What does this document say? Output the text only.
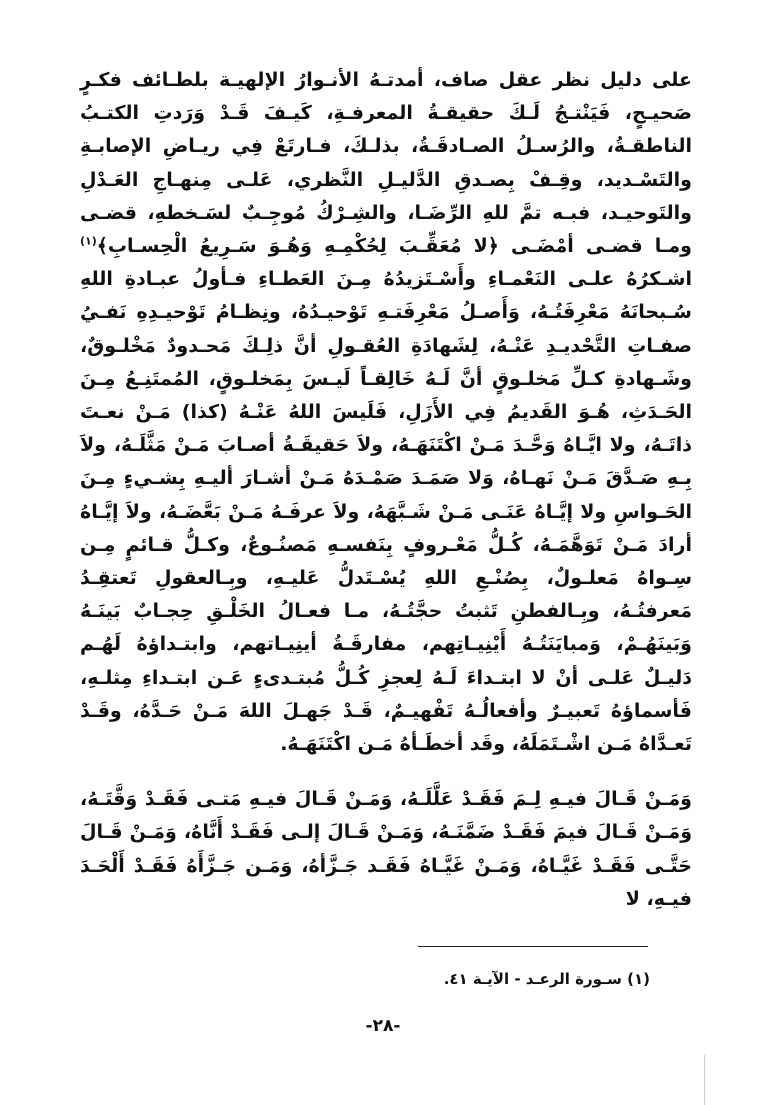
على دليل نظر عقل صاف، أمدتـهُ الأنـوارُ الإلهيـة بلطـائف فكـرٍ صَحيـحٍ، فَيَنْتـجُ لَـكَ حقيقـةُ المعرفـةِ، كَيـفَ قَـدْ وَرَدتِ الكتـبُ الناطقـةُ، والرُسـلُ الصـادقَـةُ، بذلـكَ، فـارتَعْ فِي ريـاضِ الإصابـةِ والتَسْـديد، وقِـفْ بِصـدقِ الدَّليـلِ النَّظري، عَلـى مِنهـاجِ العَـدْلِ والتَوحيـد، فبـه تمَّ للهِ الرِّضَـا، والشِـرْكُ مُوجِـبٌ لسَـخطهِ، قضـى ومـا قضـى أمْضَـى ﴿لا مُعَقِّـبَ لِحُكْمِـهِ وَهُـوَ سَـرِيعُ الْحِسـابِ﴾$^{(١)}$ اشـكرُهُ علـى النَعْمـاءِ وأَسْـتَزيدُهُ مِـنَ العَطـاءِ فـأولُ عبـادةِ اللهِ سُـبحانَهُ مَعْرِفَتُـهُ، وَأَصـلُ مَعْرِفَتـهِ تَوْحيـدُهُ، ونِظـامُ تَوْحيـدِهِ نَفـيُ صفـاتِ التَّحْديـدِ عَنْـهُ، لِشَهادَةِ العُقـولِ أنَّ ذلِـكَ مَحـدودٌ مَخْلـوقٌ، وشَـهادةِ كـلِّ مَخلـوقٍ أنَّ لَـهُ خَالِقـاً لَيـسَ بِمَخلـوقٍ، المُمتَنِـعُ مِـنَ الحَـدَثِ، هُـوَ القَديمُ فِي الأَزَلِ، فَلَيسَ اللهُ عَنْـهُ (كذا) مَـنْ نعـتَ ذاتَـهُ، ولا ايَّـاهُ وَحَّـدَ مَـنْ اكْتَنَهَـهُ، ولاَ حَقيقَـةُ أصـابَ مَـنْ مَثَّلَـهُ، ولاَ بِـهِ صَـدَّقَ مَـنْ نَهـاهُ، وَلا صَمَـدَ صَمْـدَهُ مَـنْ أشـارَ أليـهِ بِشـيءٍ مِـنَ الحَـواسِ ولا إيَّـاهُ عَنَـى مَـنْ شَـبَّهَهُ، ولاَ عرفَـهُ مَـنْ بَعَّضَـهُ، ولاَ إيَّـاهُ أرادَ مَـنْ تَوَهَّمَـهُ، كُـلُّ مَعْـروفٍ بِنَفسـهِ مَصنُـوعٌ، وكـلُّ قـائمٍ مِـن سِـواهُ مَعلـولٌ، بِصُنْـعِ اللهِ يُسْـتَدلُّ عَليـهِ، وبِـالعقولِ تَعتقِـدُ مَعرفتُـهُ، وبِـالفطنِ تَثبتُ حجَّتُـهُ، مـا فعـالُ الخَلْـقِ حِجـابٌ بَينَـهُ وَبَينَهُـمْ، وَمبايَنَتُـهُ أَيْنِيـاتِهم، مفارقَـةُ أينِيـاتهم، وابتـداؤهُ لَهُـم دَليـلٌ عَلـى أنْ لا ابتـداءَ لَـهُ لِعجزِ كُـلُّ مُبتـدىءٍ عَـن ابتـداءِ مِثلـهِ، فَأسماؤهُ تَعبيـرٌ وأفعالُـهُ تَفْهيـمٌ، قَـدْ جَهـلَ اللهَ مَـنْ حَـدَّهُ، وقَـدْ تَعـدَّاهُ مَـن اشْـتَمَلَهُ، وقَد أخطَـأهُ مَـن اكْتَنَهَـهُ.

وَمَـنْ قَـالَ فيـهِ لِـمَ فَقَـدْ عَلَّلَـهُ، وَمَـنْ قَـالَ فيـهِ مَتـى فَقَـدْ وَقَّتَـهُ، وَمَـنْ قَـالَ فيمَ فَقَـدْ ضَمَّنَـهُ، وَمَـنْ قَـالَ إلـى فَقَـدْ أَنَّاهُ، وَمَـنْ قَـالَ حَتَّـى فَقَـدْ غَيَّـاهُ، وَمَـنْ غَيَّـاهُ فَقَـد جَـزَّأهُ، وَمَـن جَـزَّأَهُ فَقَـدْ أَلْحَـدَ فيـهِ، لا

(١) سـورة الرعـد - الآيـة ٤١.
-٢٨-
